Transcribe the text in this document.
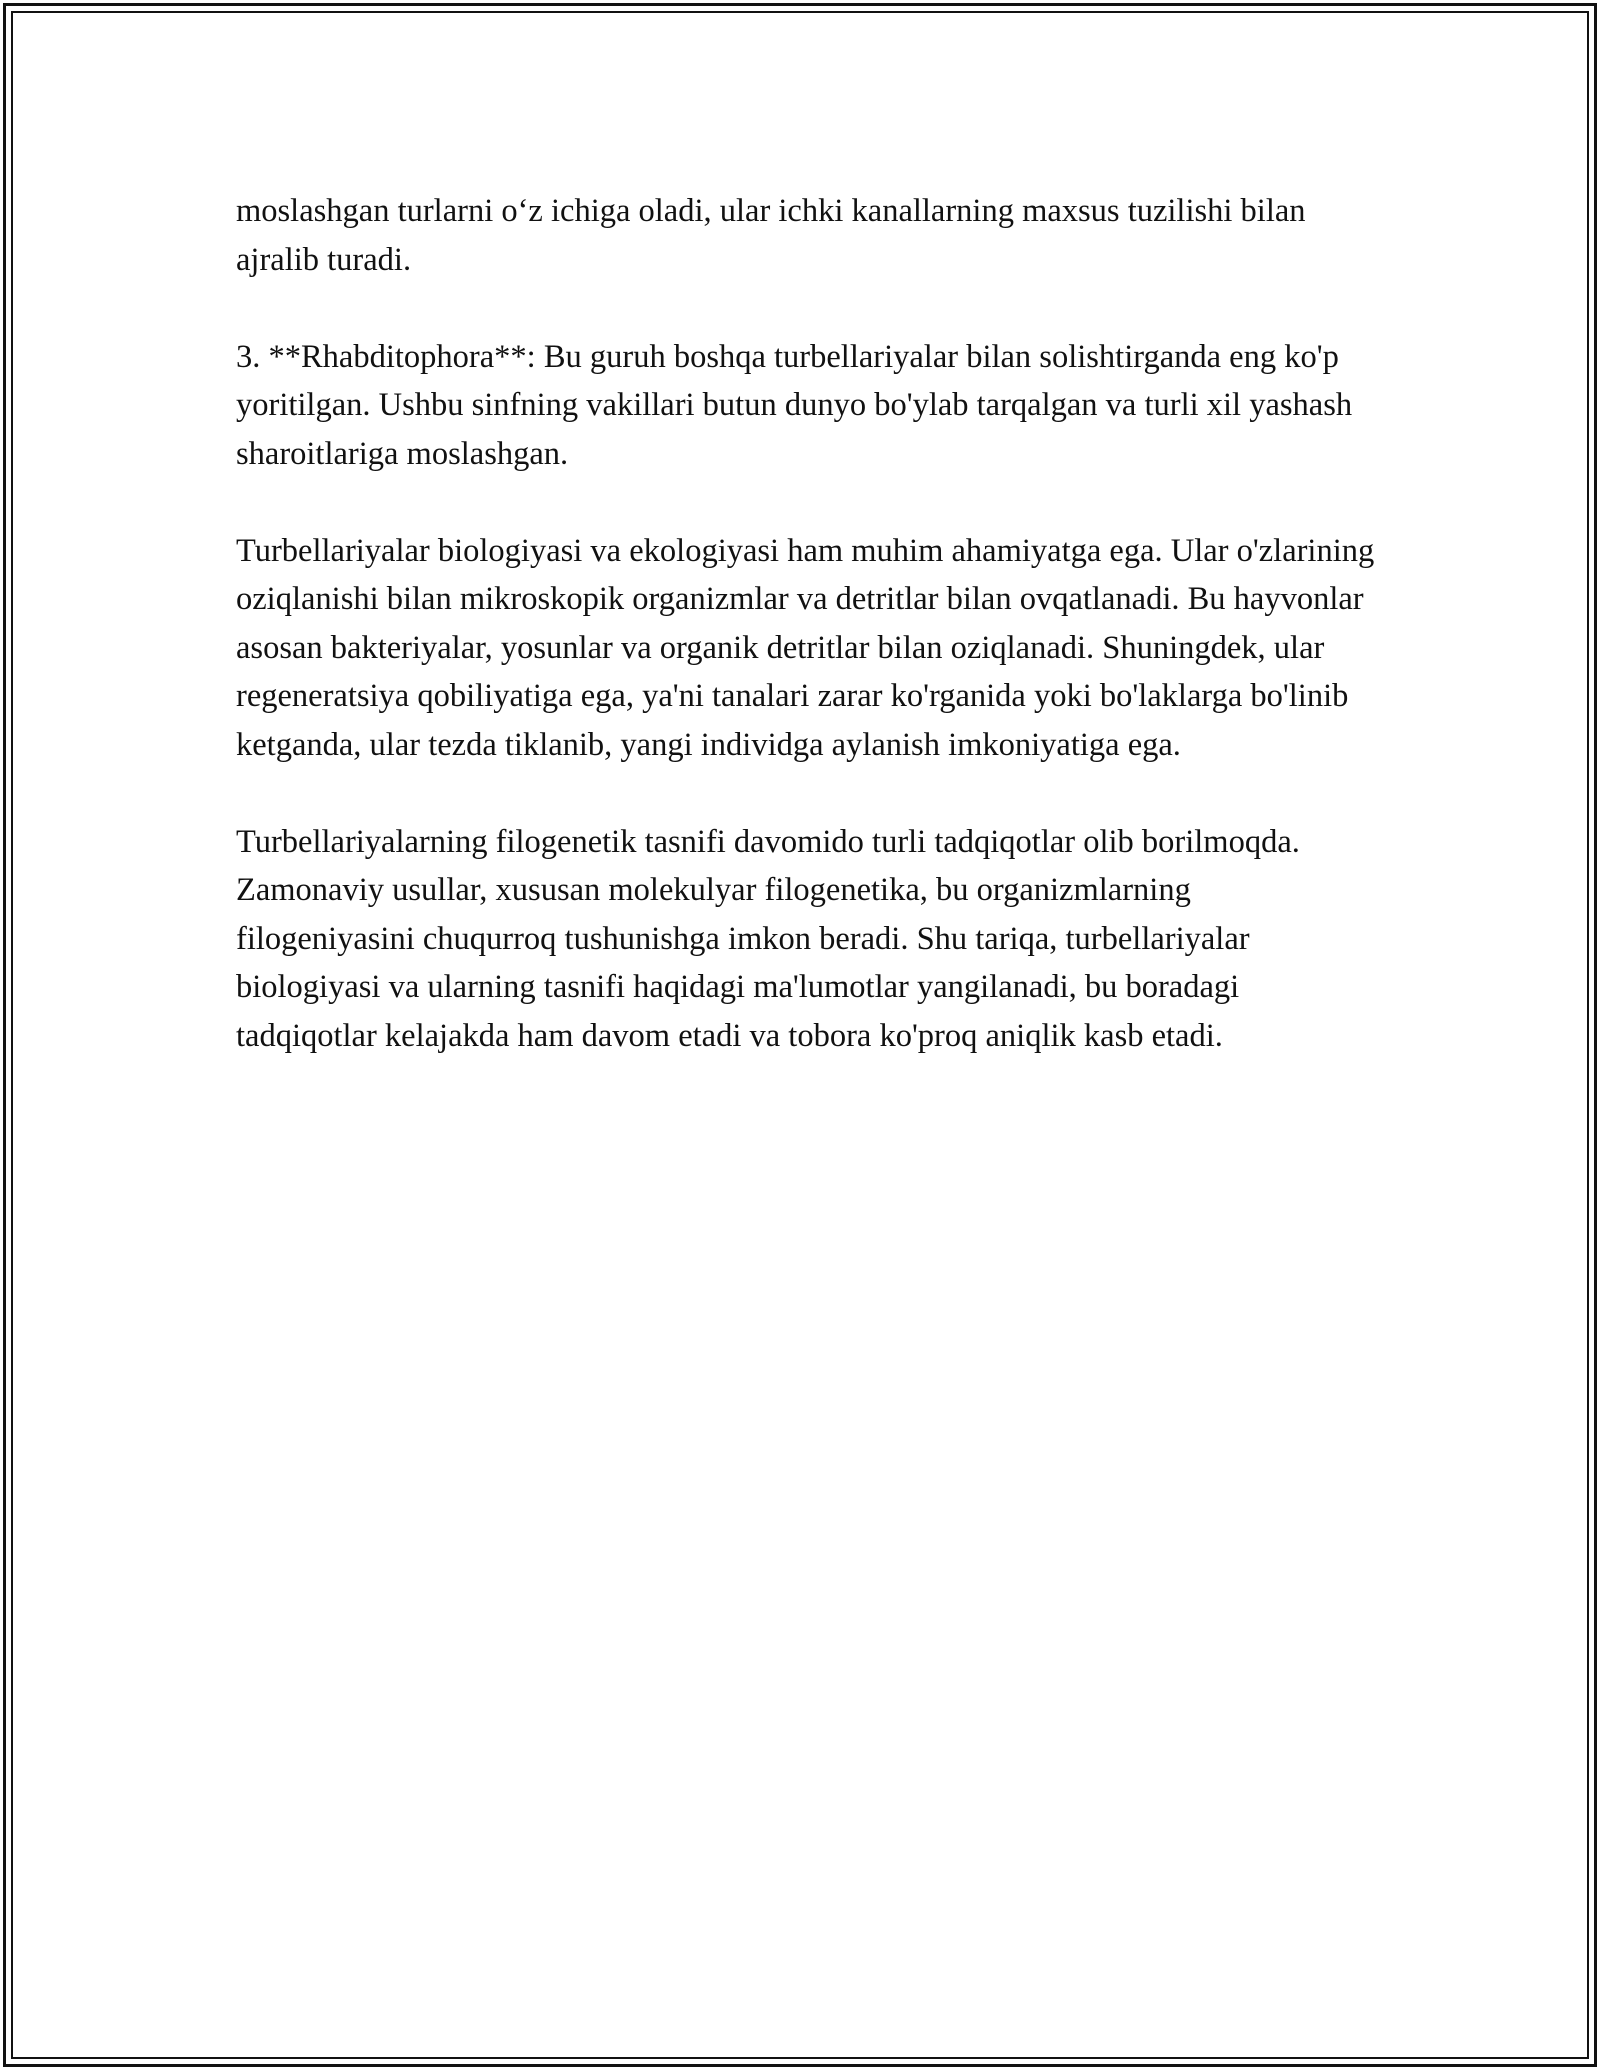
moslashgan turlarni o‘z ichiga oladi, ular ichki kanallarning maxsus tuzilishi bilan ajralib turadi.

3. **Rhabditophora**: Bu guruh boshqa turbellariyalar bilan solishtirganda eng ko'p yoritilgan. Ushbu sinfning vakillari butun dunyo bo'ylab tarqalgan va turli xil yashash sharoitlariga moslashgan.

Turbellariyalar biologiyasi va ekologiyasi ham muhim ahamiyatga ega. Ular o'zlarining oziqlanishi bilan mikroskopik organizmlar va detritlar bilan ovqatlanadi. Bu hayvonlar asosan bakteriyalar, yosunlar va organik detritlar bilan oziqlanadi. Shuningdek, ular regeneratsiya qobiliyatiga ega, ya'ni tanalari zarar ko'rganida yoki bo'laklarga bo'linib ketganda, ular tezda tiklanib, yangi individga aylanish imkoniyatiga ega.

Turbellariyalarning filogenetik tasnifi davomido turli tadqiqotlar olib borilmoqda. Zamonaviy usullar, xususan molekulyar filogenetika, bu organizmlarning filogeniyasini chuqurroq tushunishga imkon beradi. Shu tariqa, turbellariyalar biologiyasi va ularning tasnifi haqidagi ma'lumotlar yangilanadi, bu boradagi tadqiqotlar kelajakda ham davom etadi va tobora ko'proq aniqlik kasb etadi.
